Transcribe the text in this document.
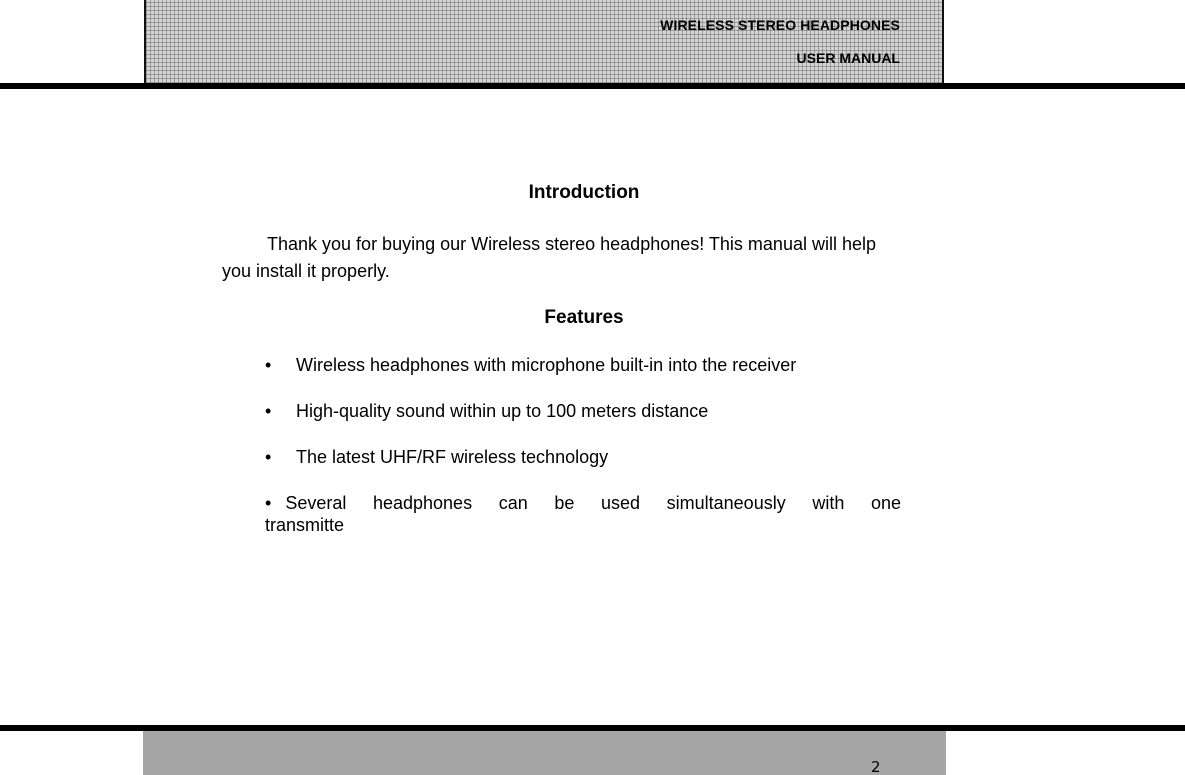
WIRELESS STEREO HEADPHONES
USER MANUAL
Introduction
Thank you for buying our Wireless stereo headphones! This manual will help you install it properly.
Features
• Wireless headphones with microphone built-in into the receiver
• High-quality sound within up to 100 meters distance
• The latest UHF/RF wireless technology
• Several headphones can be used simultaneously with one
transmitte
2
